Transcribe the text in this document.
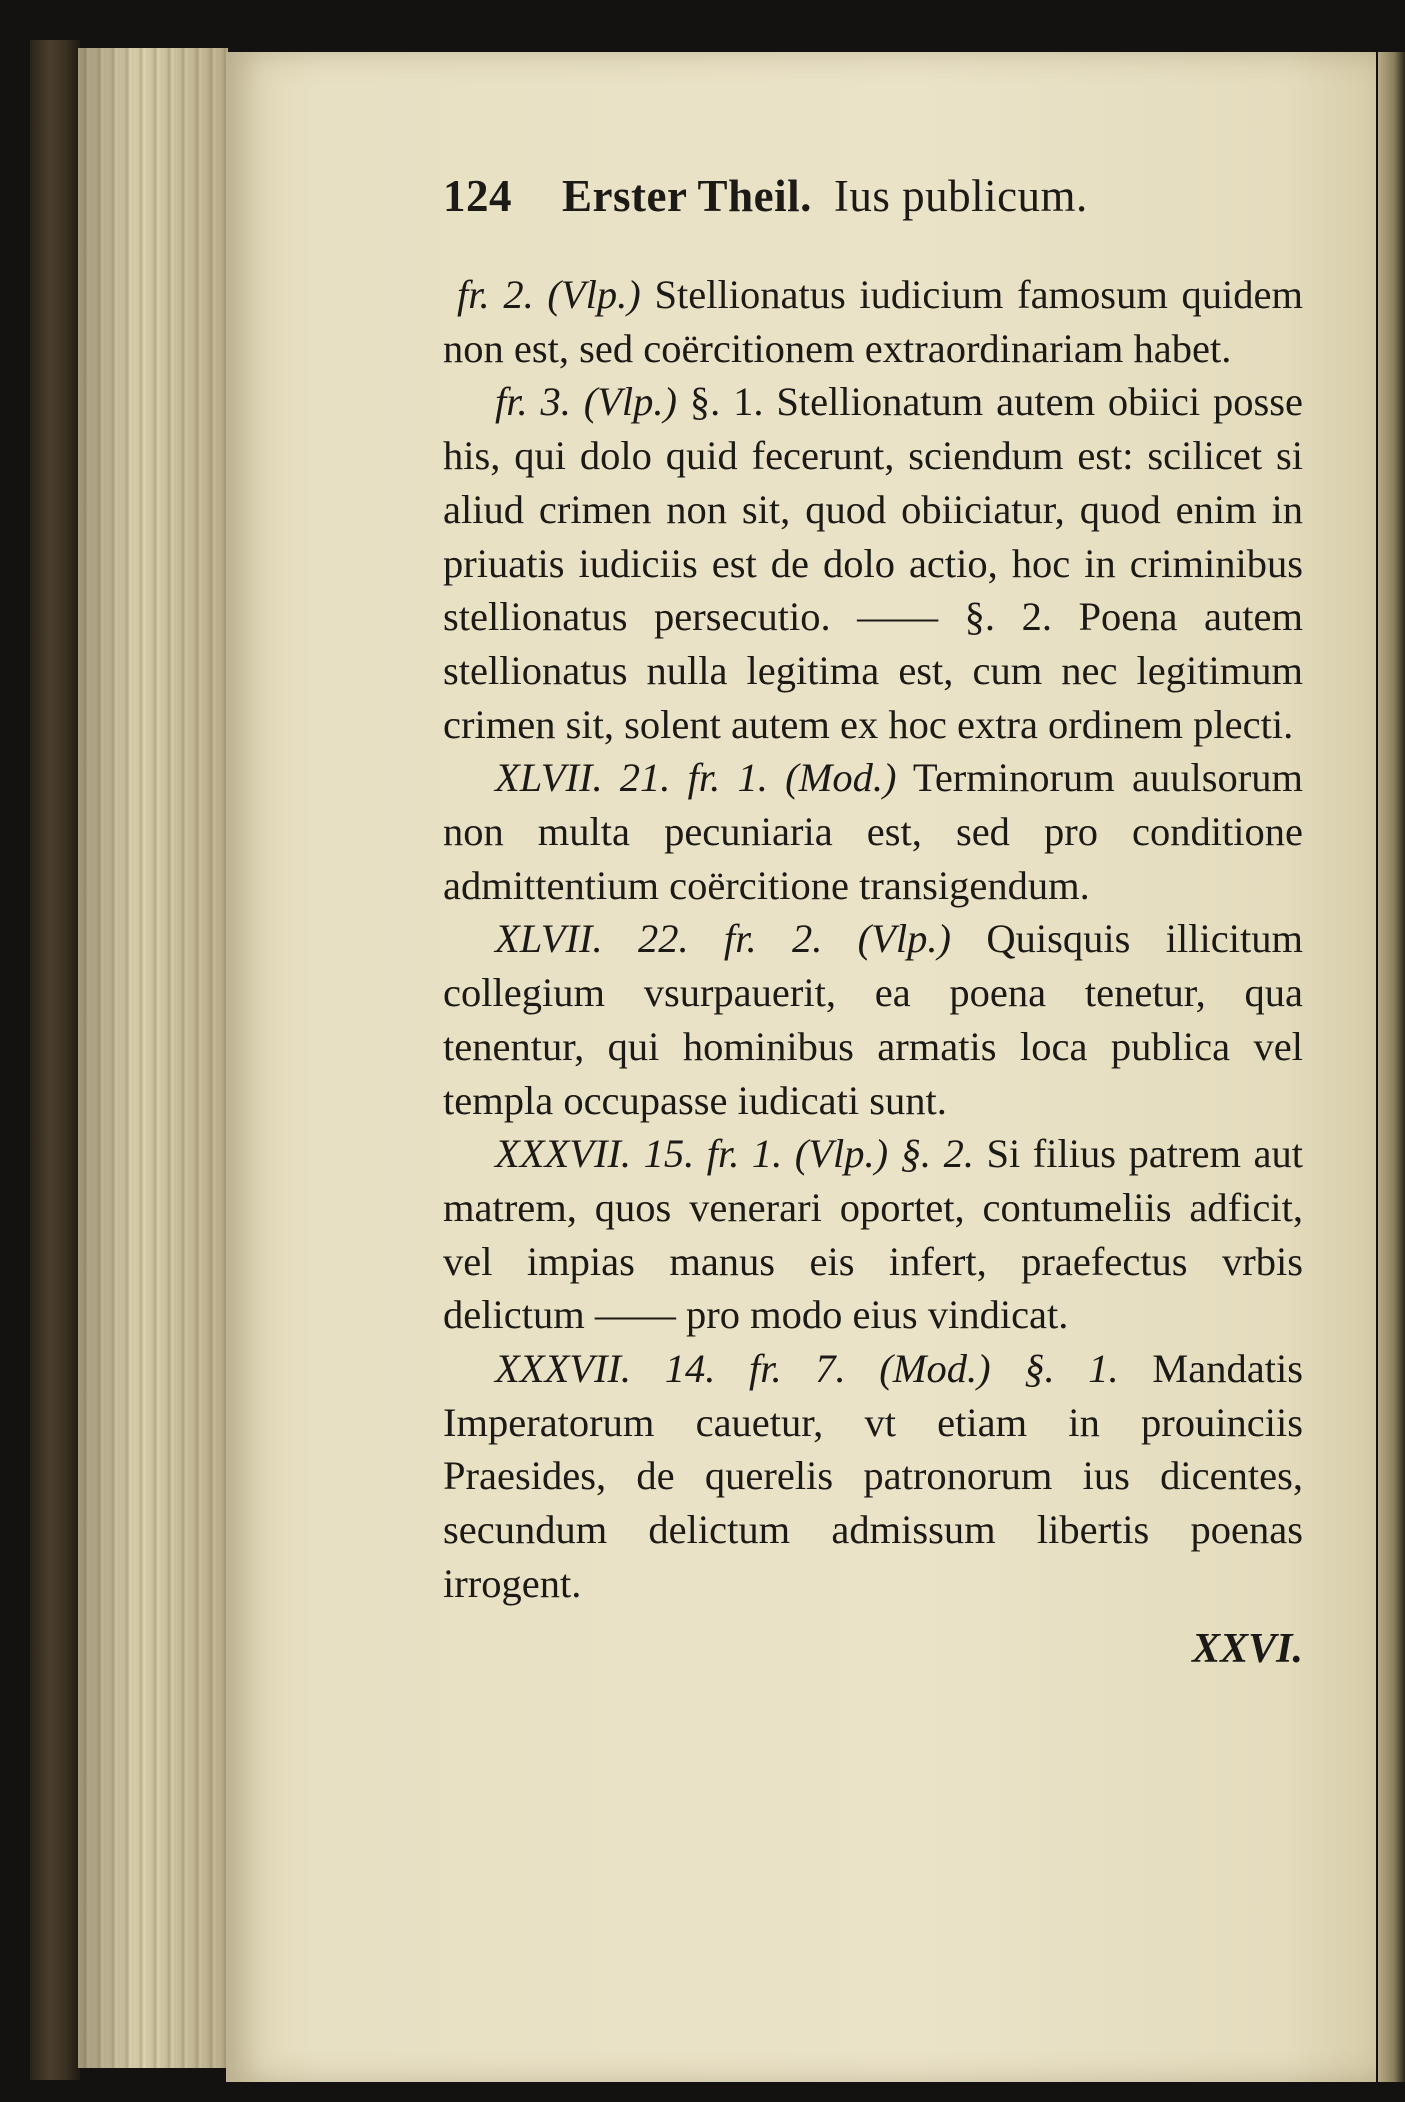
124 Erster Theil. Ius publicum.

fr. 2. (Vlp.) Stellionatus iudicium famosum quidem non est, sed coërcitionem extraordinariam habet.

fr. 3. (Vlp.) §. 1. Stellionatum autem obiici posse his, qui dolo quid fecerunt, sciendum est: scilicet si aliud crimen non sit, quod obiiciatur, quod enim in priuatis iudiciis est de dolo actio, hoc in criminibus stellionatus persecutio. —— §. 2. Poena autem stellionatus nulla legitima est, cum nec legitimum crimen sit, solent autem ex hoc extra ordinem plecti.

XLVII. 21. fr. 1. (Mod.) Terminorum auulsorum non multa pecuniaria est, sed pro conditione admittentium coërcitione transigendum.

XLVII. 22. fr. 2. (Vlp.) Quisquis illicitum collegium vsurpauerit, ea poena tenetur, qua tenentur, qui hominibus armatis loca publica vel templa occupasse iudicati sunt.

XXXVII. 15. fr. 1. (Vlp.) §. 2. Si filius patrem aut matrem, quos venerari oportet, contumeliis adficit, vel impias manus eis infert, praefectus vrbis delictum —— pro modo eius vindicat.

XXXVII. 14. fr. 7. (Mod.) §. 1. Mandatis Imperatorum cauetur, vt etiam in prouinciis Praesides, de querelis patronorum ius dicentes, secundum delictum admissum libertis poenas irrogent.

XXVI.
